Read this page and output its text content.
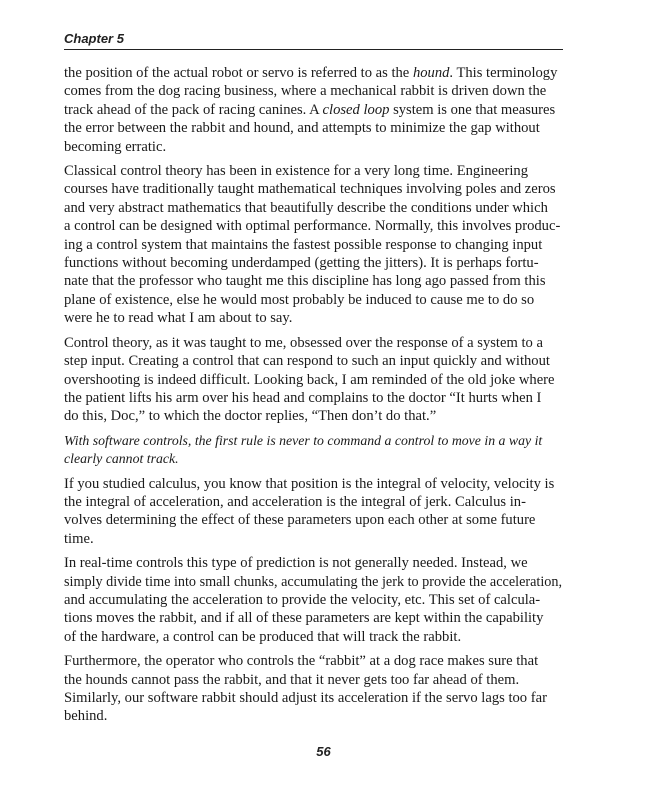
Chapter 5
the position of the actual robot or servo is referred to as the hound. This terminology
comes from the dog racing business, where a mechanical rabbit is driven down the
track ahead of the pack of racing canines. A closed loop system is one that measures
the error between the rabbit and hound, and attempts to minimize the gap without
becoming erratic.
Classical control theory has been in existence for a very long time. Engineering
courses have traditionally taught mathematical techniques involving poles and zeros
and very abstract mathematics that beautifully describe the conditions under which
a control can be designed with optimal performance. Normally, this involves produc-
ing a control system that maintains the fastest possible response to changing input
functions without becoming underdamped (getting the jitters). It is perhaps fortu-
nate that the professor who taught me this discipline has long ago passed from this
plane of existence, else he would most probably be induced to cause me to do so
were he to read what I am about to say.
Control theory, as it was taught to me, obsessed over the response of a system to a
step input. Creating a control that can respond to such an input quickly and without
overshooting is indeed difficult. Looking back, I am reminded of the old joke where
the patient lifts his arm over his head and complains to the doctor “It hurts when I
do this, Doc,” to which the doctor replies, “Then don’t do that.”
With software controls, the first rule is never to command a control to move in a way it
clearly cannot track.
If you studied calculus, you know that position is the integral of velocity, velocity is
the integral of acceleration, and acceleration is the integral of jerk. Calculus in-
volves determining the effect of these parameters upon each other at some future
time.
In real-time controls this type of prediction is not generally needed. Instead, we
simply divide time into small chunks, accumulating the jerk to provide the acceleration,
and accumulating the acceleration to provide the velocity, etc. This set of calcula-
tions moves the rabbit, and if all of these parameters are kept within the capability
of the hardware, a control can be produced that will track the rabbit.
Furthermore, the operator who controls the “rabbit” at a dog race makes sure that
the hounds cannot pass the rabbit, and that it never gets too far ahead of them.
Similarly, our software rabbit should adjust its acceleration if the servo lags too far
behind.
56
